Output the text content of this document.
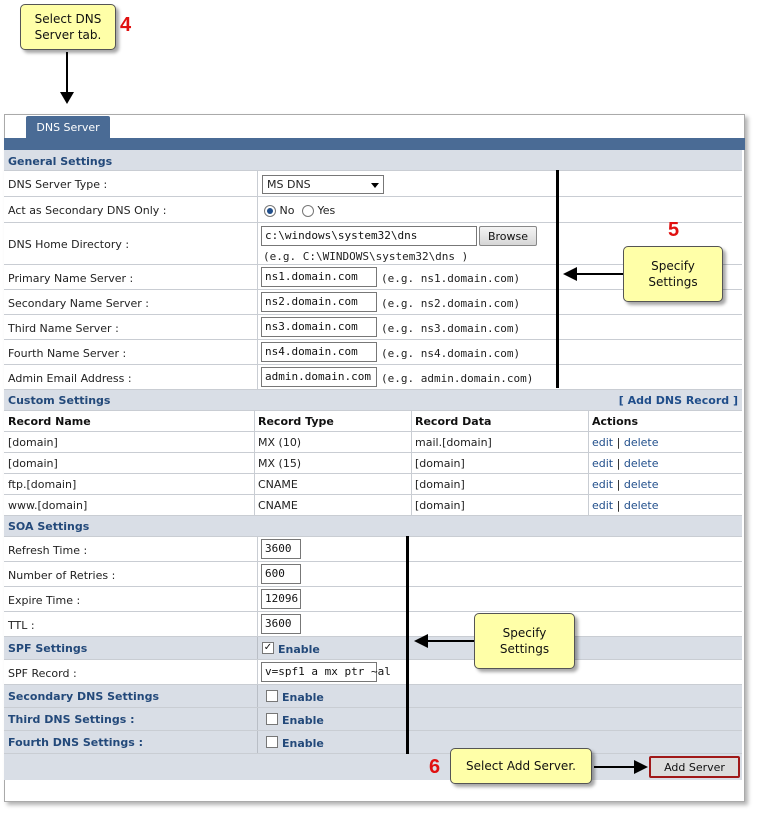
Select DNS
Server tab. 4
DNS Server
General Settings
DNS Server Type :	MS DNS
Act as Secondary DNS Only :	No Yes
DNS Home Directory :
c:\windows\system32\dns	Browse
(e.g. C:\WINDOWS\system32\dns )
Primary Name Server :	ns1.domain.com	(e.g. ns1.domain.com)
Secondary Name Server :	ns2.domain.com	(e.g. ns2.domain.com)
Third Name Server :	ns3.domain.com	(e.g. ns3.domain.com)
Fourth Name Server :	ns4.domain.com	(e.g. ns4.domain.com)
Admin Email Address :	admin.domain.com (e.g. admin.domain.com)
Custom Settings	[ Add DNS Record ]
Record Name	Record Type	Record Data	Actions
[domain]	MX (10)	mail.[domain]	edit | delete
[domain]	MX (15)	[domain]	edit | delete
ftp.[domain]	CNAME	[domain]	edit | delete
www.[domain]	CNAME	[domain]	edit | delete
SOA Settings
Refresh Time :	3600
Number of Retries :	600
Expire Time :	12096
TTL :	3600
SPF Settings	✓ Enable
SPF Record :	v=spf1 a mx ptr ~al
Secondary DNS Settings	Enable
Third DNS Settings :	Enable
Fourth DNS Settings :	Enable
Add Server
5
Specify Settings
Specify Settings
6 Select Add Server.
